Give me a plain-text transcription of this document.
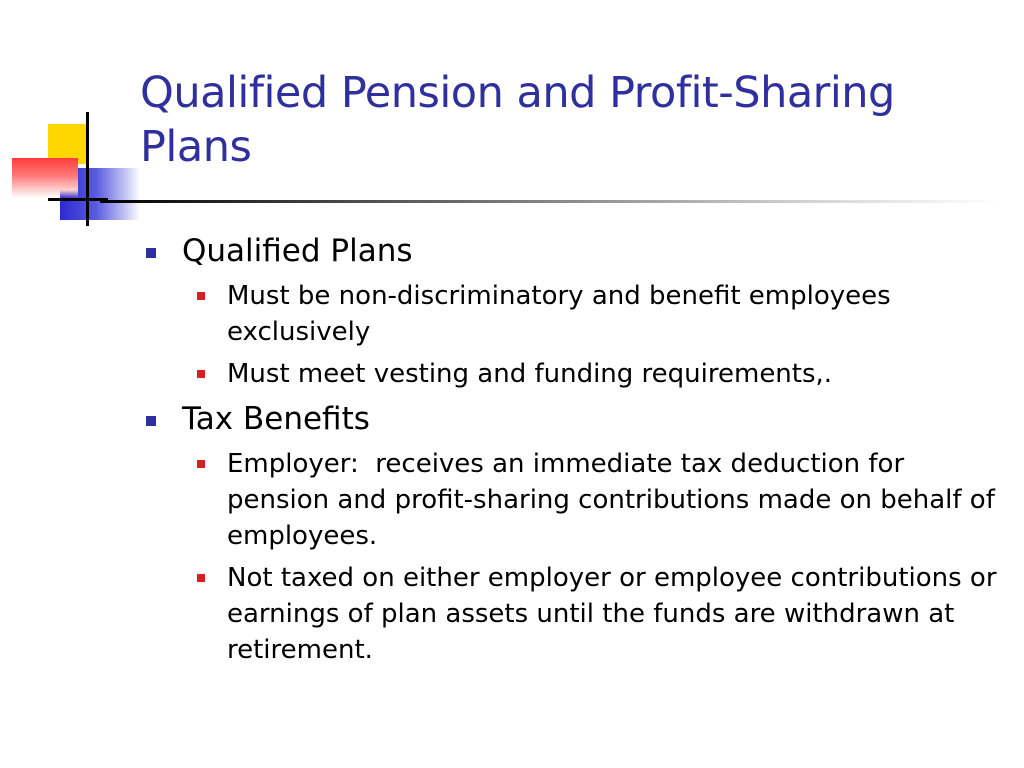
Qualified Pension and Profit-Sharing Plans
Qualified Plans
Must be non-discriminatory and benefit employees exclusively
Must meet vesting and funding requirements,.
Tax Benefits
Employer:  receives an immediate tax deduction for pension and profit-sharing contributions made on behalf of employees.
Not taxed on either employer or employee contributions or earnings of plan assets until the funds are withdrawn at retirement.
